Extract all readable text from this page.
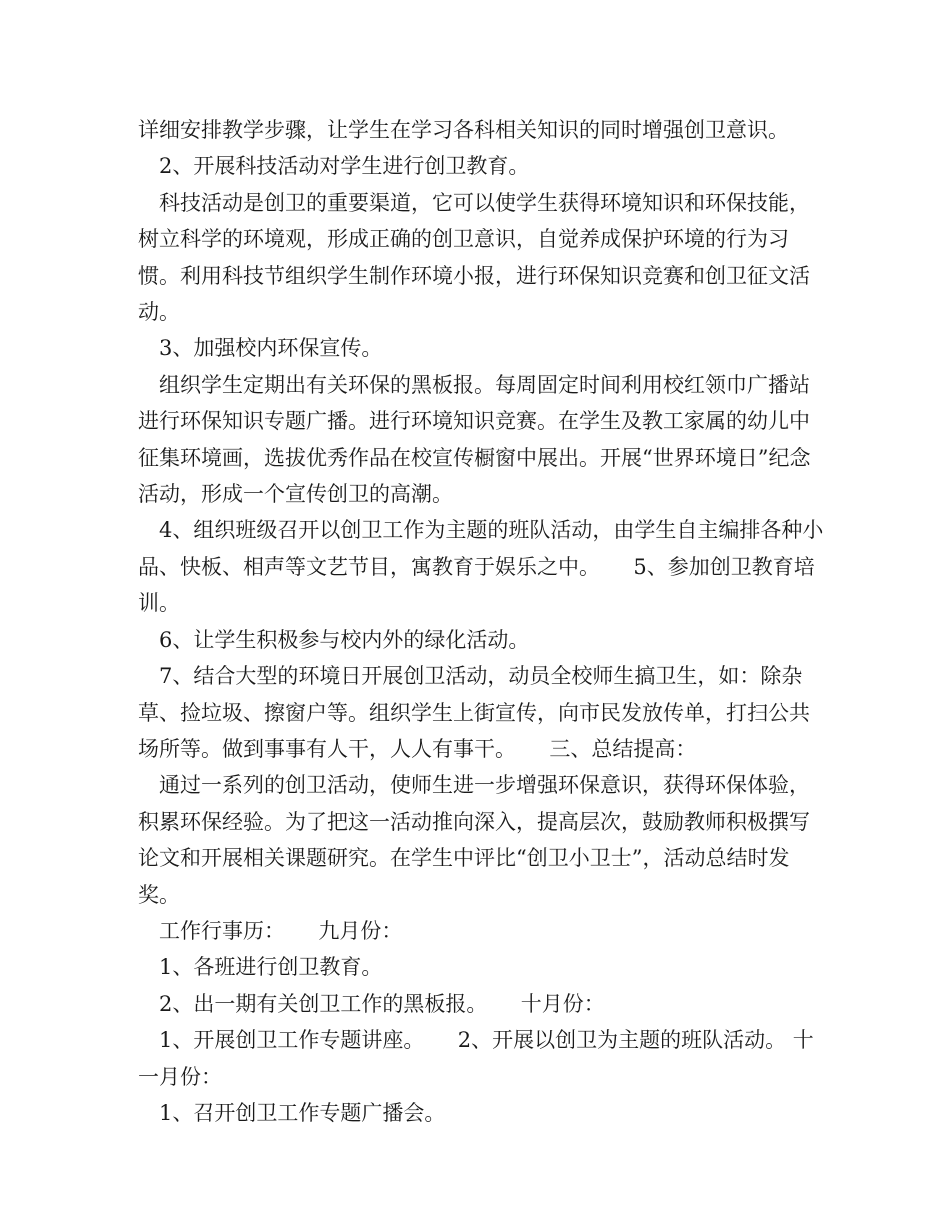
详细安排教学步骤，让学生在学习各科相关知识的同时增强创卫意识。

2、开展科技活动对学生进行创卫教育。

科技活动是创卫的重要渠道，它可以使学生获得环境知识和环保技能，树立科学的环境观，形成正确的创卫意识，自觉养成保护环境的行为习惯。利用科技节组织学生制作环境小报，进行环保知识竞赛和创卫征文活动。

3、加强校内环保宣传。

组织学生定期出有关环保的黑板报。每周固定时间利用校红领巾广播站进行环保知识专题广播。进行环境知识竞赛。在学生及教工家属的幼儿中征集环境画，选拔优秀作品在校宣传橱窗中展出。开展“世界环境日”纪念活动，形成一个宣传创卫的高潮。

4、组织班级召开以创卫工作为主题的班队活动，由学生自主编排各种小品、快板、相声等文艺节目，寓教育于娱乐之中。     5、参加创卫教育培训。

6、让学生积极参与校内外的绿化活动。

7、结合大型的环境日开展创卫活动，动员全校师生搞卫生，如：除杂草、捡垃圾、擦窗户等。组织学生上街宣传，向市民发放传单，打扫公共场所等。做到事事有人干，人人有事干。     三、总结提高：

通过一系列的创卫活动，使师生进一步增强环保意识，获得环保体验，积累环保经验。为了把这一活动推向深入，提高层次，鼓励教师积极撰写论文和开展相关课题研究。在学生中评比“创卫小卫士”，活动总结时发奖。

工作行事历：     九月份：

1、各班进行创卫教育。

2、出一期有关创卫工作的黑板报。     十月份：

1、开展创卫工作专题讲座。     2、开展以创卫为主题的班队活动。 十一月份：

1、召开创卫工作专题广播会。
